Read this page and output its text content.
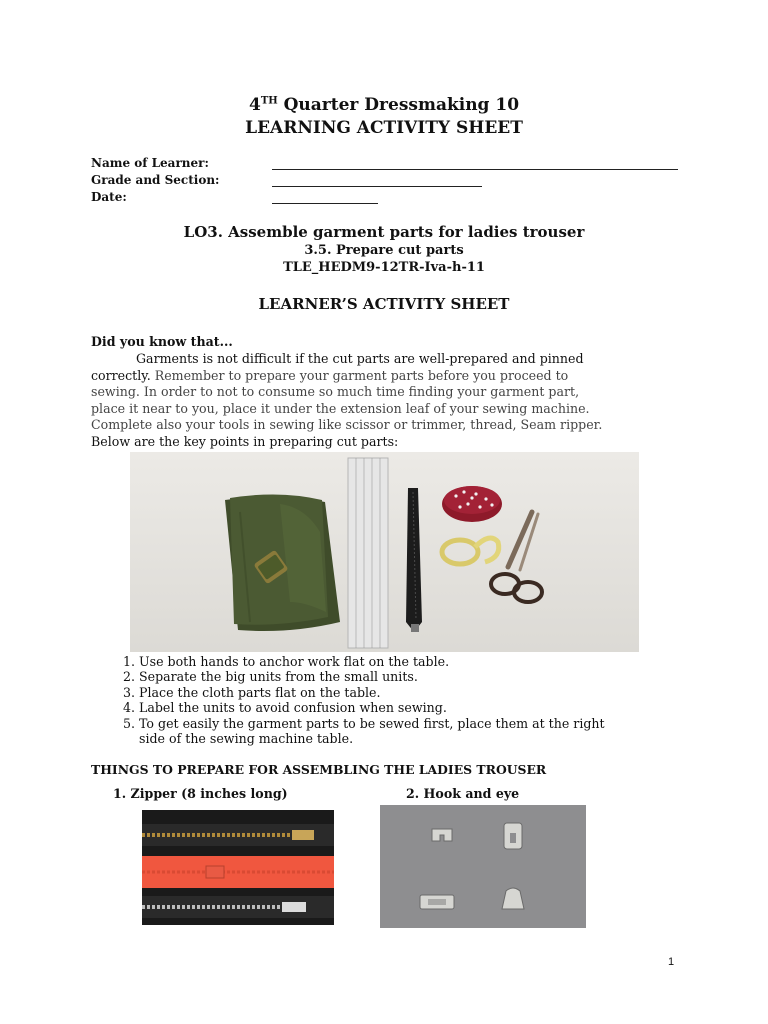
4TH Quarter Dressmaking 10
LEARNING ACTIVITY SHEET
Name of Learner:
Grade and Section:
Date:
LO3. Assemble garment parts for ladies trouser
3.5. Prepare cut parts
TLE_HEDM9-12TR-Iva-h-11
LEARNER’S ACTIVITY SHEET
Did you know that...
Garments is not difficult if the cut parts are well-prepared and pinned
correctly. Remember to prepare your garment parts before you proceed to
sewing. In order to not to consume so much time finding your garment part,
place it near to you, place it under the extension leaf of your sewing machine.
Complete also your tools in sewing like scissor or trimmer, thread, Seam ripper.
Below are the key points in preparing cut parts:
1. Use both hands to anchor work flat on the table.
2. Separate the big units from the small units.
3. Place the cloth parts flat on the table.
4. Label the units to avoid confusion when sewing.
5. To get easily the garment parts to be sewed first, place them at the right
side of the sewing machine table.
THINGS TO PREPARE FOR ASSEMBLING THE LADIES TROUSER
1. Zipper (8 inches long)	2. Hook and eye
1
